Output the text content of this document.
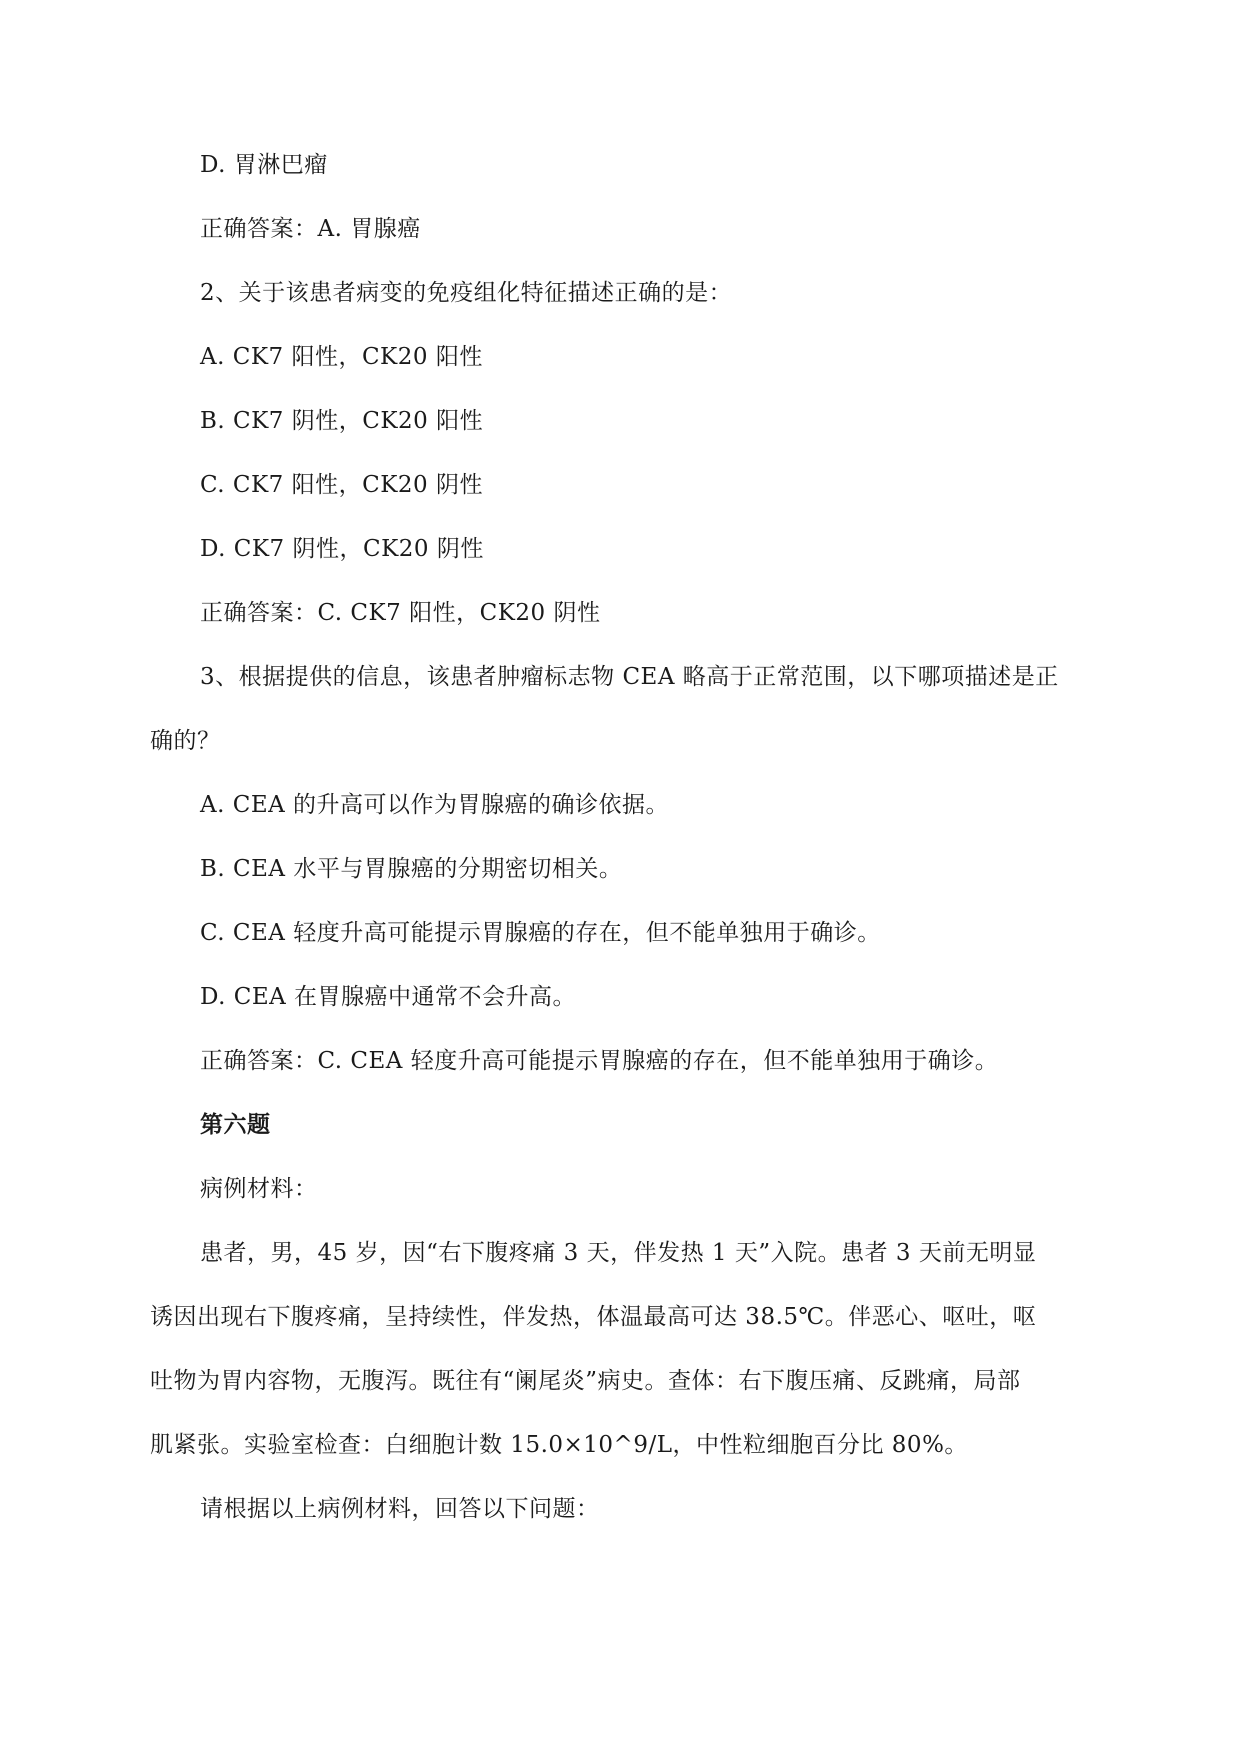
D. 胃淋巴瘤
正确答案：A. 胃腺癌
2、关于该患者病变的免疫组化特征描述正确的是：
A. CK7 阳性，CK20 阳性
B. CK7 阴性，CK20 阳性
C. CK7 阳性，CK20 阴性
D. CK7 阴性，CK20 阴性
正确答案：C. CK7 阳性，CK20 阴性
3、根据提供的信息，该患者肿瘤标志物 CEA 略高于正常范围，以下哪项描述是正
确的？
A. CEA 的升高可以作为胃腺癌的确诊依据。
B. CEA 水平与胃腺癌的分期密切相关。
C. CEA 轻度升高可能提示胃腺癌的存在，但不能单独用于确诊。
D. CEA 在胃腺癌中通常不会升高。
正确答案：C. CEA 轻度升高可能提示胃腺癌的存在，但不能单独用于确诊。
第六题
病例材料：
患者，男，45 岁，因“右下腹疼痛 3 天，伴发热 1 天”入院。患者 3 天前无明显
诱因出现右下腹疼痛，呈持续性，伴发热，体温最高可达 38.5℃。伴恶心、呕吐，呕
吐物为胃内容物，无腹泻。既往有“阑尾炎”病史。查体：右下腹压痛、反跳痛，局部
肌紧张。实验室检查：白细胞计数 15.0×10^9/L，中性粒细胞百分比 80%。
请根据以上病例材料，回答以下问题：
